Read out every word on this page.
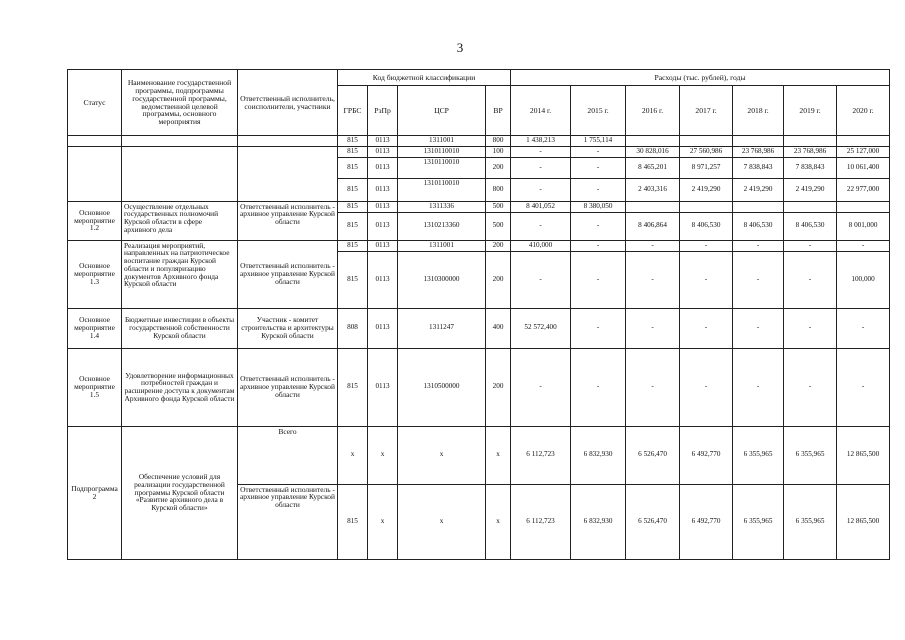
3
Статус	Наименование государственной программы, подпрограммы государственной программы, ведомственной целевой программы, основного мероприятия	Ответственный исполнитель, соисполнители, участники	Код бюджетной классификации				Расходы (тыс. рублей), годы						
			ГРБС	РзПр	ЦСР	ВР	2014 г.	2015 г.	2016 г.	2017 г.	2018 г.	2019 г.	2020 г.
			815	0113	1311001	800	1 438,213	1 755,114					
			815	0113	1310110010	100	-	-	30 828,016	27 560,986	23 768,986	23 768,986	25 127,000
			815	0113	1310110010	200	-	-	8 465,201	8 971,257	7 838,843	7 838,843	10 061,400
			815	0113	1310110010	800	-	-	2 403,316	2 419,290	2 419,290	2 419,290	22 977,000
Основное мероприятие 1.2	Осуществление отдельных государственных полномочий Курской области в сфере архивного дела	Ответственный исполнитель - архивное управление Курской области	815	0113	1311336	500	8 401,052	8 380,050					
			815	0113	1310213360	500	-	-	8 406,864	8 406,530	8 406,530	8 406,530	8 001,000
Основное мероприятие 1.3	Реализация мероприятий, направленных на патриотическое воспитание граждан Курской области и популяризацию документов Архивного фонда Курской области	Ответственный исполнитель - архивное управление Курской области	815	0113	1311001	200	410,000	-	-	-	-	-	-
			815	0113	1310300000	200	-	-	-	-	-	-	100,000
Основное мероприятие 1.4	Бюджетные инвестиции в объекты государственной собственности Курской области	Участник - комитет строительства и архитектуры Курской области	808	0113	1311247	400	52 572,400	-	-	-	-	-	-
Основное мероприятие 1.5	Удовлетворение информационных потребностей граждан и расширение доступа к документам Архивного фонда Курской области	Ответственный исполнитель - архивное управление Курской области	815	0113	1310500000	200	-	-	-	-	-	-	-
Подпрограмма 2	Обеспечение условий для реализации государственной программы Курской области «Развитие архивного дела в Курской области»	Всего	x	x	x	x	6 112,723	6 832,930	6 526,470	6 492,770	6 355,965	6 355,965	12 865,500
		Ответственный исполнитель - архивное управление Курской области	815	x	x	x	6 112,723	6 832,930	6 526,470	6 492,770	6 355,965	6 355,965	12 865,500
